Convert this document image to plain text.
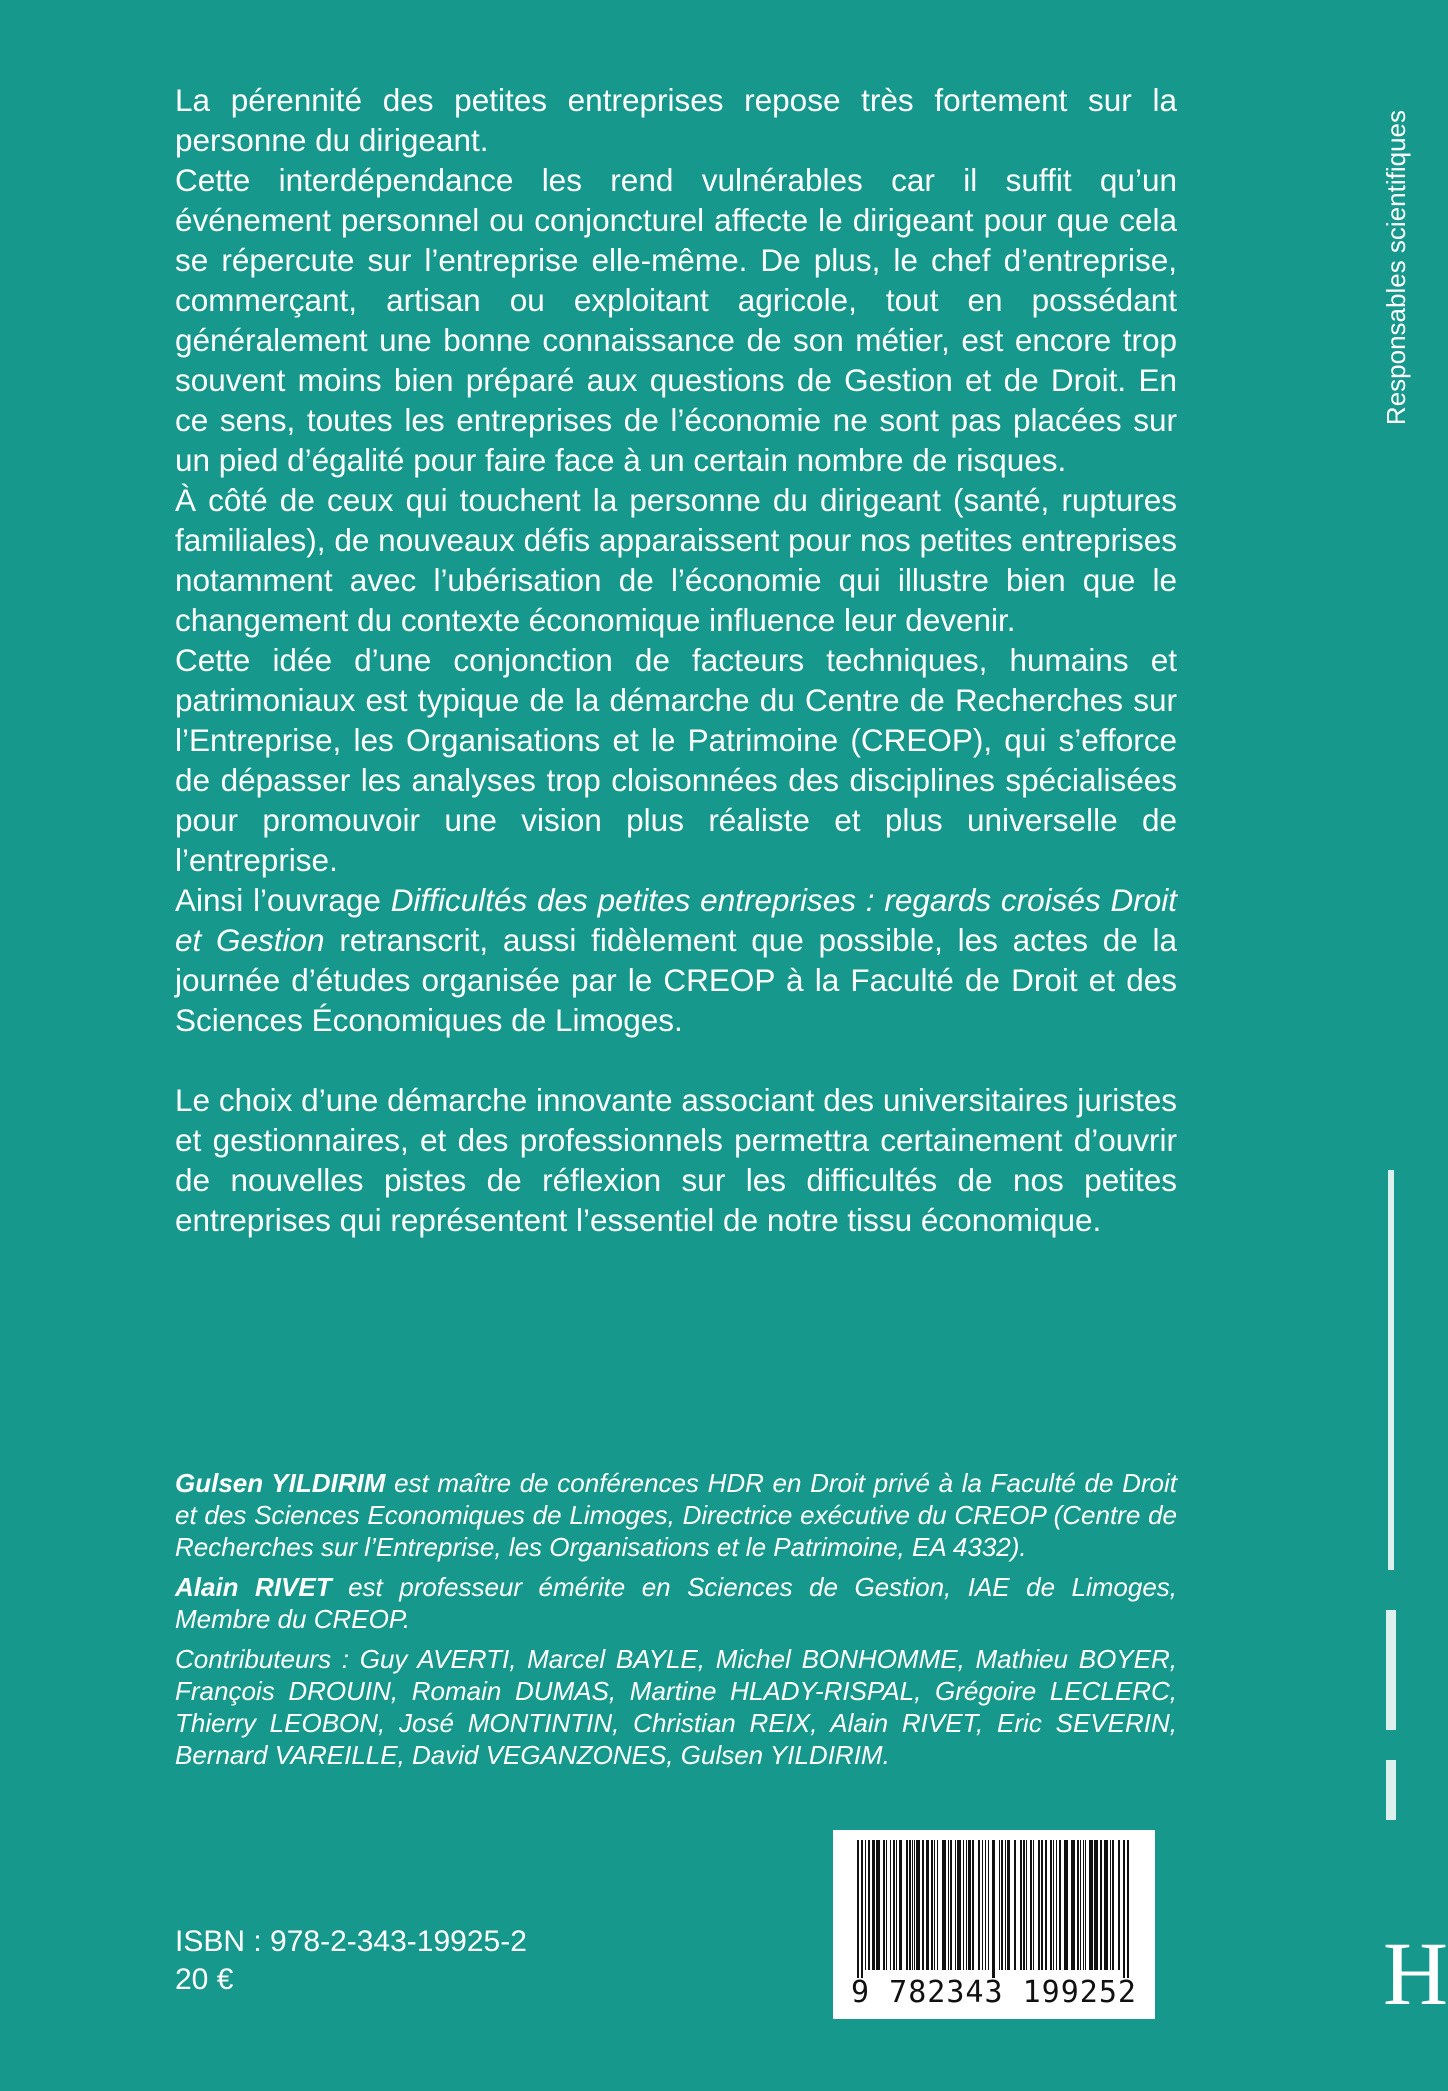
La pérennité des petites entreprises repose très fortement sur la personne du dirigeant.

Cette interdépendance les rend vulnérables car il suffit qu’un événement personnel ou conjoncturel affecte le dirigeant pour que cela se répercute sur l’entreprise elle-même. De plus, le chef d’entreprise, commerçant, artisan ou exploitant agricole, tout en possédant généralement une bonne connaissance de son métier, est encore trop souvent moins bien préparé aux questions de Gestion et de Droit. En ce sens, toutes les entreprises de l’économie ne sont pas placées sur un pied d’égalité pour faire face à un certain nombre de risques.

À côté de ceux qui touchent la personne du dirigeant (santé, ruptures familiales), de nouveaux défis apparaissent pour nos petites entreprises notamment avec l’ubérisation de l’économie qui illustre bien que le changement du contexte économique influence leur devenir.

Cette idée d’une conjonction de facteurs techniques, humains et patrimoniaux est typique de la démarche du Centre de Recherches sur l’Entreprise, les Organisations et le Patrimoine (CREOP), qui s’efforce de dépasser les analyses trop cloisonnées des disciplines spécialisées pour promouvoir une vision plus réaliste et plus universelle de l’entreprise.

Ainsi l’ouvrage Difficultés des petites entreprises : regards croisés Droit et Gestion retranscrit, aussi fidèlement que possible, les actes de la journée d’études organisée par le CREOP à la Faculté de Droit et des Sciences Économiques de Limoges.

Le choix d’une démarche innovante associant des universitaires juristes et gestionnaires, et des professionnels permettra certainement d’ouvrir de nouvelles pistes de réflexion sur les difficultés de nos petites entreprises qui représentent l’essentiel de notre tissu économique.

Gulsen YILDIRIM est maître de conférences HDR en Droit privé à la Faculté de Droit et des Sciences Economiques de Limoges, Directrice exécutive du CREOP (Centre de Recherches sur l’Entreprise, les Organisations et le Patrimoine, EA 4332).

Alain RIVET est professeur émérite en Sciences de Gestion, IAE de Limoges, Membre du CREOP.

Contributeurs : Guy AVERTI, Marcel BAYLE, Michel BONHOMME, Mathieu BOYER, François DROUIN, Romain DUMAS, Martine HLADY-RISPAL, Grégoire LECLERC, Thierry LEOBON, José MONTINTIN, Christian REIX, Alain RIVET, Eric SEVERIN, Bernard VAREILLE, David VEGANZONES, Gulsen YILDIRIM.

ISBN : 978-2-343-19925-2
20 €	9 782343 199252
Responsables scientifiques
H
